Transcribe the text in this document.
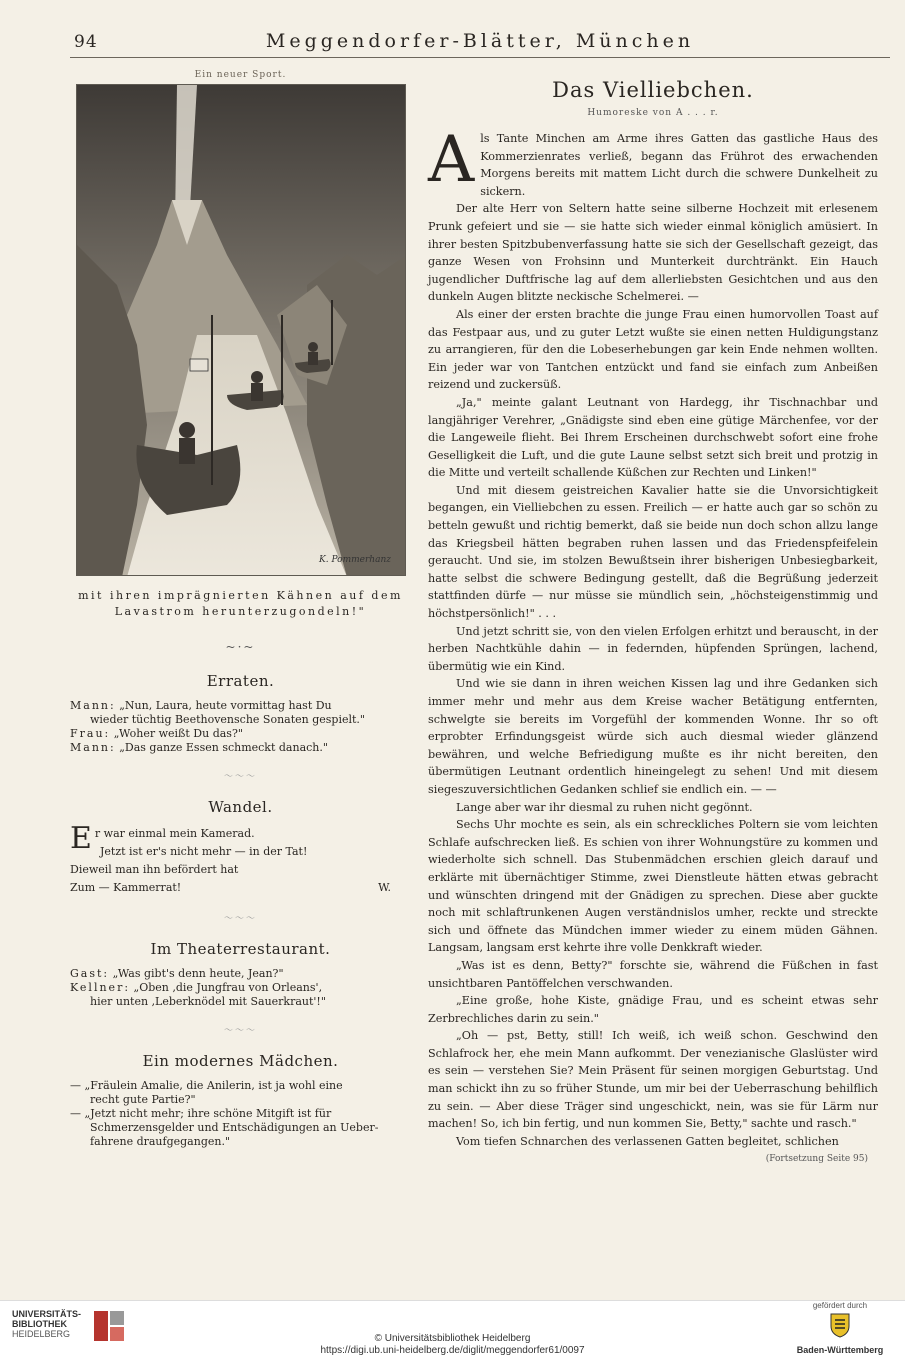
94	Meggendorfer-Blätter, München
Ein neuer Sport.
K. Pommerhanz
mit ihren imprägnierten Kähnen auf dem
Lavastrom herunterzugondeln!"
~·~
Erraten.
Mann: „Nun, Laura, heute vormittag hast Du
wieder tüchtig Beethovensche Sonaten gespielt."
Frau: „Woher weißt Du das?"
Mann: „Das ganze Essen schmeckt danach."
～～～
Wandel.
E r war einmal mein Kamerad.
Jetzt ist er's nicht mehr — in der Tat!
Dieweil man ihn befördert hat
Zum — Kammerrat!	W.
～～～
Im Theaterrestaurant.
Gast: „Was gibt's denn heute, Jean?"
Kellner: „Oben ‚die Jungfrau von Orleans',
hier unten ‚Leberknödel mit Sauerkraut'!"
～～～
Ein modernes Mädchen.
— „Fräulein Amalie, die Anilerin, ist ja wohl eine
recht gute Partie?"
— „Jetzt nicht mehr; ihre schöne Mitgift ist für
Schmerzensgelder und Entschädigungen an Ueber-
fahrene draufgegangen."
Das Vielliebchen.
Humoreske von A . . . r.

Als Tante Minchen am Arme ihres Gatten das gastliche Haus des Kommerzienrates verließ, begann das Frührot des erwachenden Morgens bereits mit mattem Licht durch die schwere Dunkelheit zu sickern.

Der alte Herr von Seltern hatte seine silberne Hochzeit mit erlesenem Prunk gefeiert und sie — sie hatte sich wieder einmal königlich amüsiert. In ihrer besten Spitzbubenverfassung hatte sie sich der Gesellschaft gezeigt, das ganze Wesen von Frohsinn und Munterkeit durchtränkt. Ein Hauch jugendlicher Duftfrische lag auf dem allerliebsten Gesichtchen und aus den dunkeln Augen blitzte neckische Schelmerei. —

Als einer der ersten brachte die junge Frau einen humorvollen Toast auf das Festpaar aus, und zu guter Letzt wußte sie einen netten Huldigungstanz zu arrangieren, für den die Lobeserhebungen gar kein Ende nehmen wollten. Ein jeder war von Tantchen entzückt und fand sie einfach zum Anbeißen reizend und zuckersüß.

„Ja," meinte galant Leutnant von Hardegg, ihr Tischnachbar und langjähriger Verehrer, „Gnädigste sind eben eine gütige Märchenfee, vor der die Langeweile flieht. Bei Ihrem Erscheinen durchschwebt sofort eine frohe Geselligkeit die Luft, und die gute Laune selbst setzt sich breit und protzig in die Mitte und verteilt schallende Küßchen zur Rechten und Linken!"

Und mit diesem geistreichen Kavalier hatte sie die Unvorsichtigkeit begangen, ein Vielliebchen zu essen. Freilich — er hatte auch gar so schön zu betteln gewußt und richtig bemerkt, daß sie beide nun doch schon allzu lange das Kriegsbeil hätten begraben ruhen lassen und das Friedenspfeifelein geraucht. Und sie, im stolzen Bewußtsein ihrer bisherigen Unbesiegbarkeit, hatte selbst die schwere Bedingung gestellt, daß die Begrüßung jederzeit stattfinden dürfe — nur müsse sie mündlich sein, „höchsteigenstimmig und höchstpersönlich!" . . .

Und jetzt schritt sie, von den vielen Erfolgen erhitzt und berauscht, in der herben Nachtkühle dahin — in federnden, hüpfenden Sprüngen, lachend, übermütig wie ein Kind.

Und wie sie dann in ihren weichen Kissen lag und ihre Gedanken sich immer mehr und mehr aus dem Kreise wacher Betätigung entfernten, schwelgte sie bereits im Vorgefühl der kommenden Wonne. Ihr so oft erprobter Erfindungsgeist würde sich auch diesmal wieder glänzend bewähren, und welche Befriedigung mußte es ihr nicht bereiten, den übermütigen Leutnant ordentlich hineingelegt zu sehen! Und mit diesem siegeszuversichtlichen Gedanken schlief sie endlich ein. — —

Lange aber war ihr diesmal zu ruhen nicht gegönnt.

Sechs Uhr mochte es sein, als ein schreckliches Poltern sie vom leichten Schlafe aufschrecken ließ. Es schien von ihrer Wohnungstüre zu kommen und wiederholte sich schnell. Das Stubenmädchen erschien gleich darauf und erklärte mit übernächtiger Stimme, zwei Dienstleute hätten etwas gebracht und wünschten dringend mit der Gnädigen zu sprechen. Diese aber guckte noch mit schlaftrunkenen Augen verständnislos umher, reckte und streckte sich und öffnete das Mündchen immer wieder zu einem müden Gähnen. Langsam, langsam erst kehrte ihre volle Denkkraft wieder.

„Was ist es denn, Betty?" forschte sie, während die Füßchen in fast unsichtbaren Pantöffelchen verschwanden.

„Eine große, hohe Kiste, gnädige Frau, und es scheint etwas sehr Zerbrechliches darin zu sein."

„Oh — pst, Betty, still! Ich weiß, ich weiß schon. Geschwind den Schlafrock her, ehe mein Mann aufkommt. Der venezianische Glaslüster wird es sein — verstehen Sie? Mein Präsent für seinen morgigen Geburtstag. Und man schickt ihn zu so früher Stunde, um mir bei der Ueberraschung behilflich zu sein. — Aber diese Träger sind ungeschickt, nein, was sie für Lärm nur machen! So, ich bin fertig, und nun kommen Sie, Betty," sachte und rasch."

Vom tiefen Schnarchen des verlassenen Gatten begleitet, schlichen

(Fortsetzung Seite 95)
UNIVERSITÄTS-
BIBLIOTHEK
HEIDELBERG	© Universitätsbibliothek Heidelberg
https://digi.ub.uni-heidelberg.de/diglit/meggendorfer61/0097
gefördert durch
Baden-Württemberg
